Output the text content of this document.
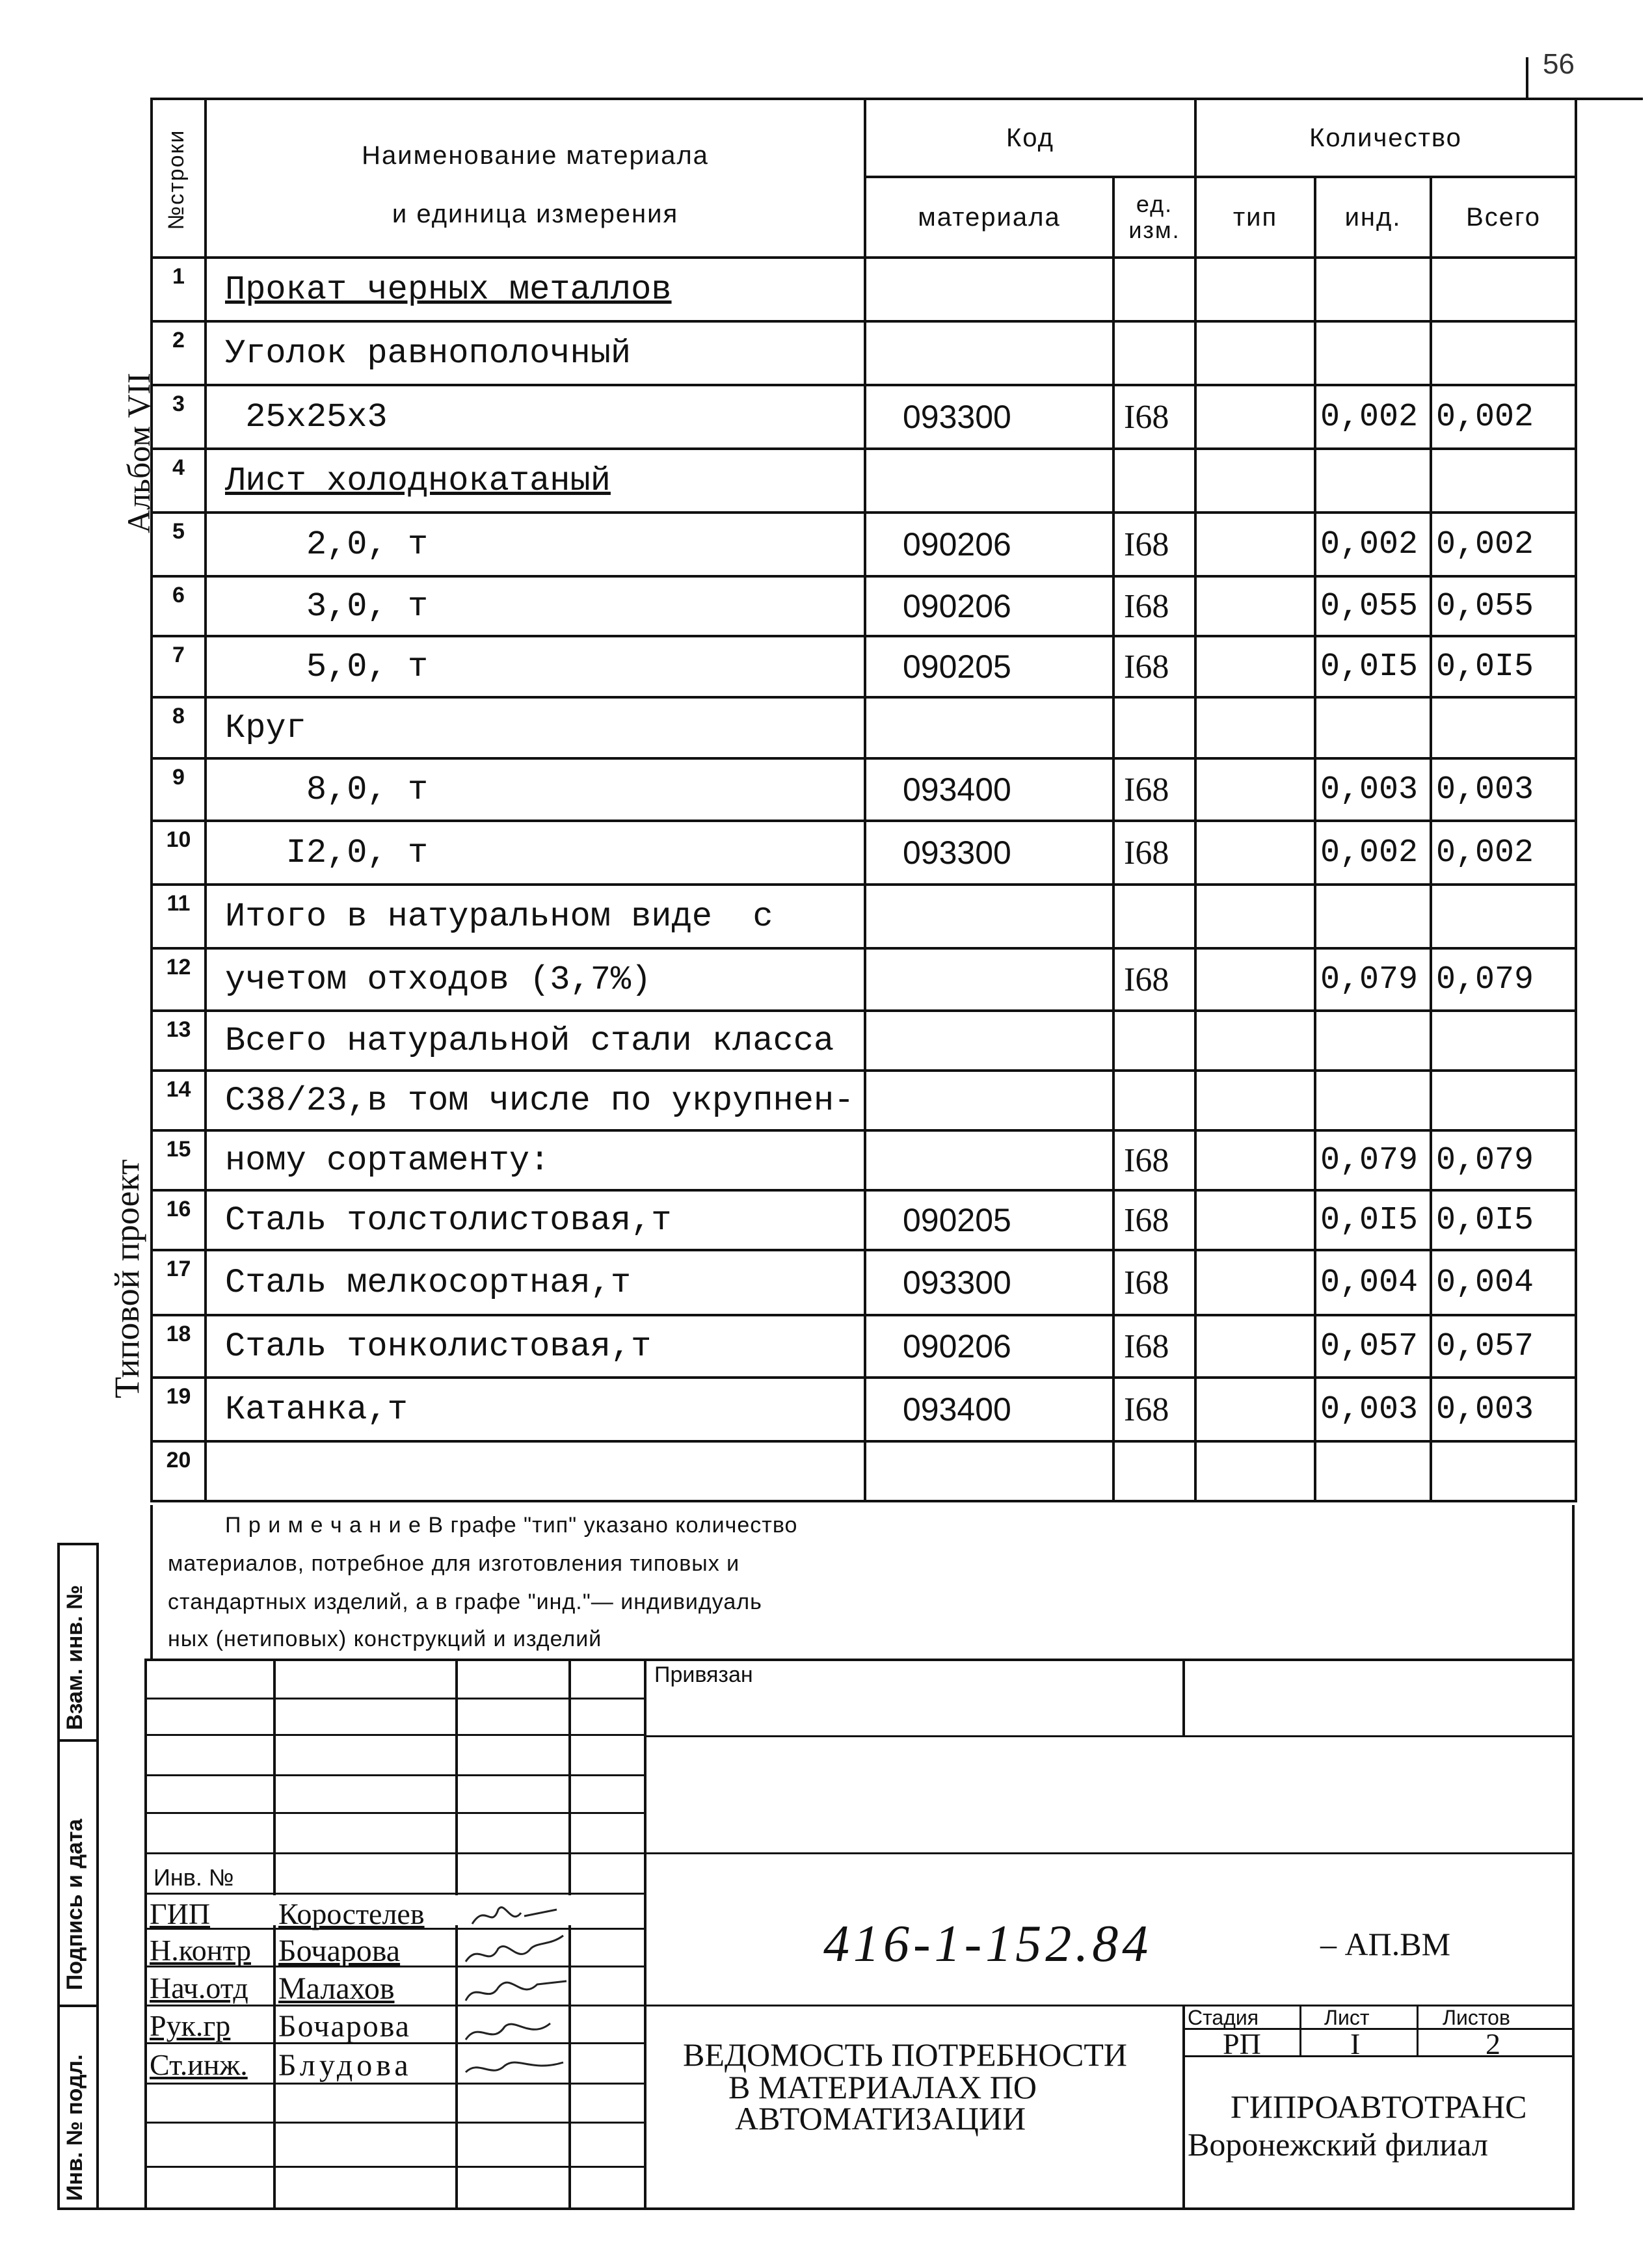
56
Альбом VII
Типовой проект
№строки	Наименование материала
и единица измерения	Код		Количество		
		материала	ед. изм.	тип	инд.	Всего
1	Прокат черных металлов					
2	Уголок равнополочный					
3	25х25х3	093300	I68		0,002	0,002
4	Лист холоднокатаный					
5	2,0, т	090206	I68		0,002	0,002
6	3,0, т	090206	I68		0,055	0,055
7	5,0, т	090205	I68		0,0I5	0,0I5
8	Круг					
9	8,0, т	093400	I68		0,003	0,003
10	I2,0, т	093300	I68		0,002	0,002
11	Итого в натуральном виде  с					
12	учетом отходов (3,7%)		I68		0,079	0,079
13	Всего натуральной стали класса					
14	С38/23,в том числе по укрупнен-					
15	ному сортаменту:		I68		0,079	0,079
16	Сталь толстолистовая,т	090205	I68		0,0I5	0,0I5
17	Сталь мелкосортная,т	093300	I68		0,004	0,004
18	Сталь тонколистовая,т	090206	I68		0,057	0,057
19	Катанка,т	093400	I68		0,003	0,003
20						
П р и м е ч а н и е В графе "тип" указано количество
материалов, потребное для изготовления типовых и
стандартных изделий, а в графе "инд."— индивидуаль
ных (нетиповых) конструкций и изделий
Взам. инв. №
Подпись и дата
Инв. № подл.
Инв. №
ГИП Коростелев
Н.контр Бочарова
Нач.отд Малахов
Рук.гр Бочарова
Ст.инж. Блудова
Привязан
416-1-152.84	– АП.ВМ
ВЕДОМОСТЬ ПОТРЕБНОСТИ
В МАТЕРИАЛАХ ПО
АВТОМАТИЗАЦИИ
Стадия	Лист	Листов
РП	I	2
ГИПРОАВТОТРАНС
Воронежский филиал
